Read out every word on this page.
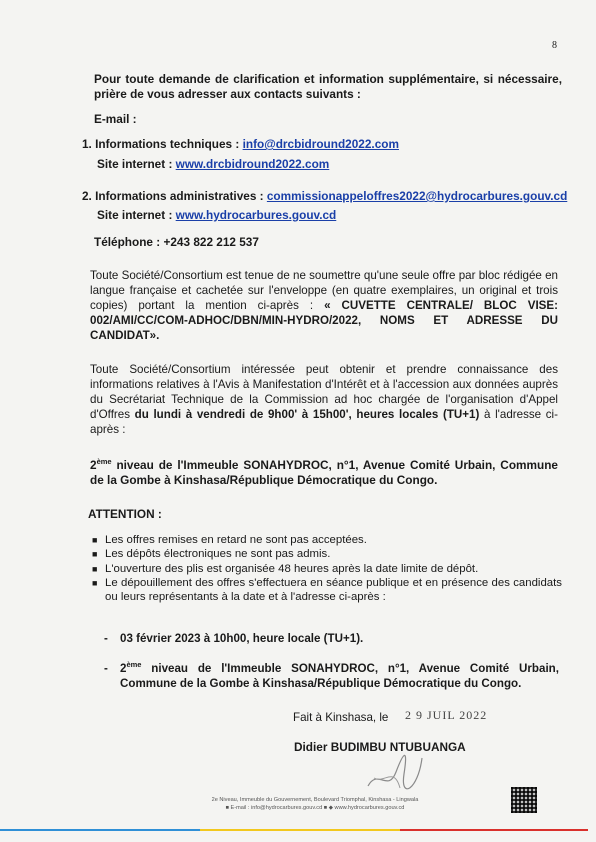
8
Pour toute demande de clarification et information supplémentaire, si nécessaire, prière de vous adresser aux contacts suivants :
E-mail :
1. Informations techniques : info@drcbidround2022.com
Site internet : www.drcbidround2022.com
2. Informations administratives : commissionappeloffres2022@hydrocarbures.gouv.cd
Site internet : www.hydrocarbures.gouv.cd
Téléphone : +243 822 212 537
Toute Société/Consortium est tenue de ne soumettre qu'une seule offre par bloc rédigée en langue française et cachetée sur l'enveloppe (en quatre exemplaires, un original et trois copies) portant la mention ci-après : « CUVETTE CENTRALE/ BLOC VISE: 002/AMI/CC/COM-ADHOC/DBN/MIN-HYDRO/2022, NOMS ET ADRESSE DU CANDIDAT».
Toute Société/Consortium intéressée peut obtenir et prendre connaissance des informations relatives à l'Avis à Manifestation d'Intérêt et à l'accession aux données auprès du Secrétariat Technique de la Commission ad hoc chargée de l'organisation d'Appel d'Offres du lundi à vendredi de 9h00' à 15h00', heures locales (TU+1) à l'adresse ci-après :
2ème niveau de l'Immeuble SONAHYDROC, n°1, Avenue Comité Urbain, Commune de la Gombe à Kinshasa/République Démocratique du Congo.
ATTENTION :
■ Les offres remises en retard ne sont pas acceptées.
■ Les dépôts électroniques ne sont pas admis.
■ L'ouverture des plis est organisée 48 heures après la date limite de dépôt.
■ Le dépouillement des offres s'effectuera en séance publique et en présence des candidats ou leurs représentants à la date et à l'adresse ci-après :
-	03 février 2023 à 10h00, heure locale (TU+1).
-	2ème niveau de l'Immeuble SONAHYDROC, n°1, Avenue Comité Urbain, Commune de la Gombe à Kinshasa/République Démocratique du Congo.
Fait à Kinshasa, le 2 9 JUIL 2022
Didier BUDIMBU NTUBUANGA
2e Niveau, Immeuble du Gouvernement, Boulevard Triomphal, Kinshasa - Lingwala
■ E-mail : info@hydrocarbures.gouv.cd ■ ◆ www.hydrocarbures.gouv.cd
